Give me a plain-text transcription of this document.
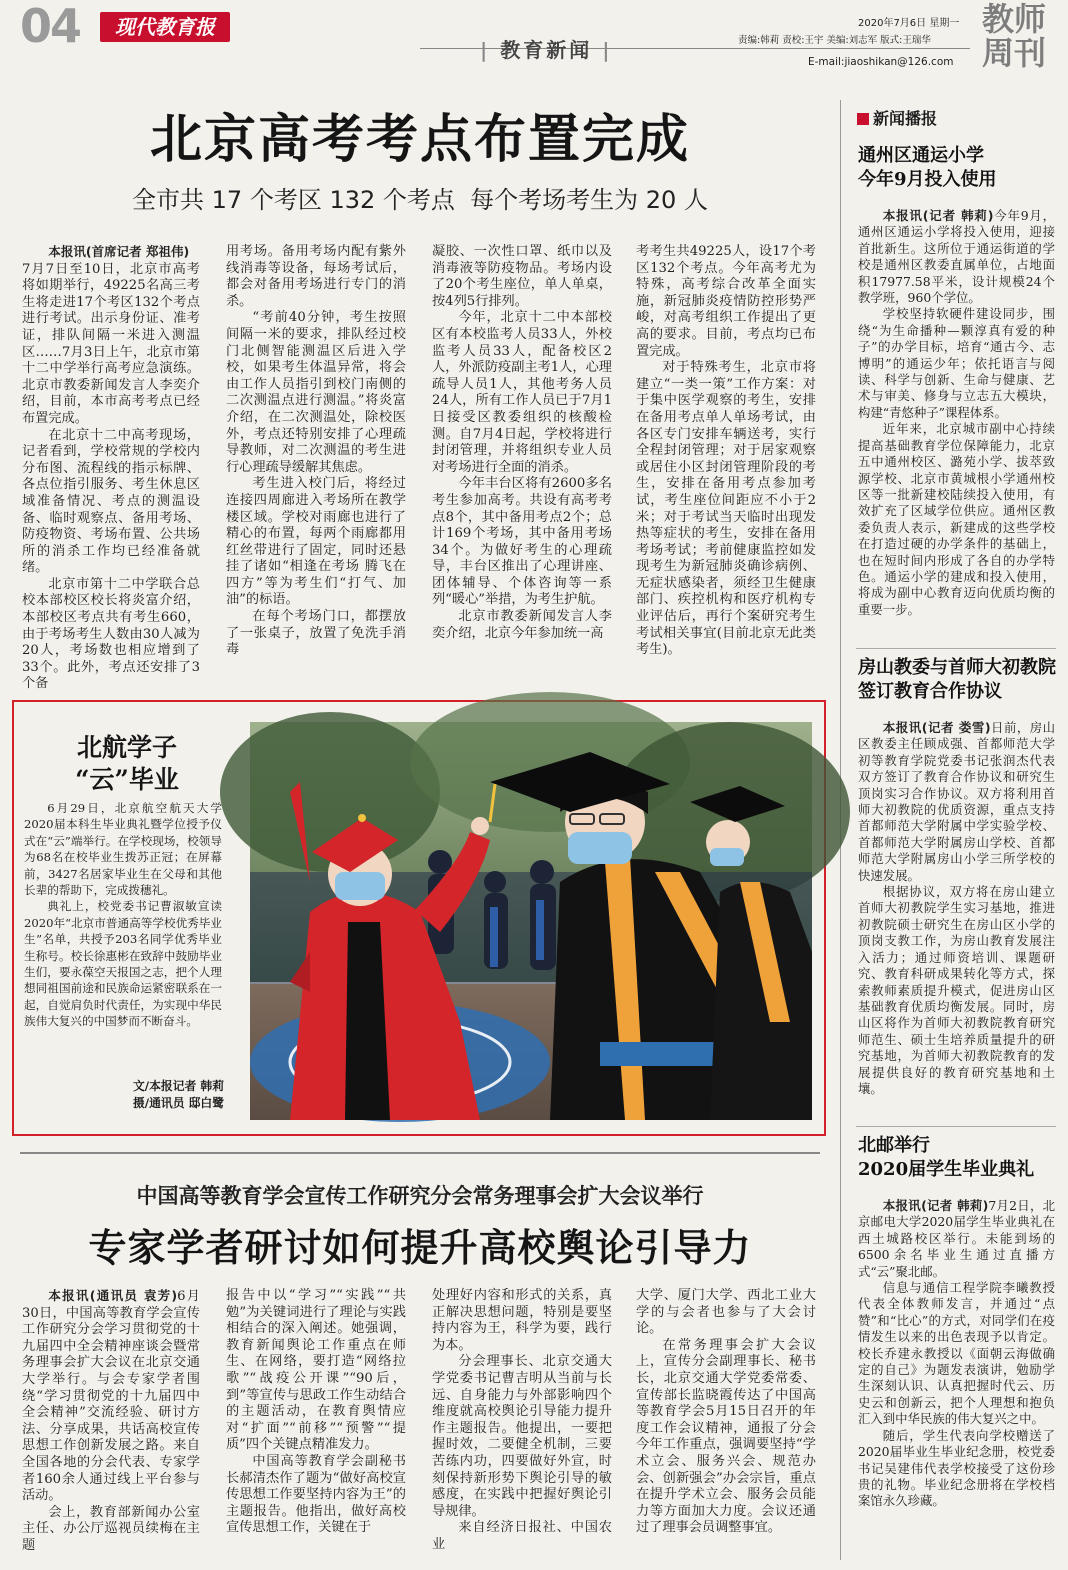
04	现代教育报
| 教育新闻 |
2020年7月6日 星期一
责编:韩莉 责校:王宇 美编:刘志军 版式:王瑞华
E-mail:jiaoshikan@126.com
教师
周刊
新闻播报
通州区通运小学
今年9月投入使用

本报讯(记者 韩莉)今年9月，通州区通运小学将投入使用，迎接首批新生。这所位于通运街道的学校是通州区教委直属单位，占地面积17977.58平米，设计规模24个教学班，960个学位。

学校坚持软硬件建设同步，围绕“为生命播种—颗淳真有爱的种子”的办学目标，培育“通古今、志博明”的通运少年；依托语言与阅读、科学与创新、生命与健康、艺术与审美、修身与立志五大模块，构建“青悠种子”课程体系。

近年来，北京城市副中心持续提高基础教育学位保障能力，北京五中通州校区、潞苑小学、拔萃致源学校、北京市黄城根小学通州校区等一批新建校陆续投入使用，有效扩充了区域学位供应。通州区教委负责人表示，新建成的这些学校在打造过硬的办学条件的基础上，也在短时间内形成了各自的办学特色。通运小学的建成和投入使用，将成为副中心教育迈向优质均衡的重要一步。

房山教委与首师大初教院
签订教育合作协议

本报讯(记者 娄雪)日前，房山区教委主任顾成强、首都师范大学初等教育学院党委书记张润杰代表双方签订了教育合作协议和研究生顶岗实习合作协议。双方将利用首师大初教院的优质资源，重点支持首都师范大学附属中学实验学校、首都师范大学附属房山学校、首都师范大学附属房山小学三所学校的快速发展。

根据协议，双方将在房山建立首师大初教院学生实习基地，推进初教院硕士研究生在房山区小学的顶岗支教工作，为房山教育发展注入活力；通过师资培训、课题研究、教育科研成果转化等方式，探索教师素质提升模式，促进房山区基础教育优质均衡发展。同时，房山区将作为首师大初教院教育研究师范生、硕士生培养质量提升的研究基地，为首师大初教院教育的发展提供良好的教育研究基地和土壤。

北邮举行
2020届学生毕业典礼

本报讯(记者 韩莉)7月2日，北京邮电大学2020届学生毕业典礼在西土城路校区举行。未能到场的6500余名毕业生通过直播方式“云”聚北邮。

信息与通信工程学院李曦教授代表全体教师发言，并通过“点赞”和“比心”的方式，对同学们在疫情发生以来的出色表现予以肯定。校长乔建永教授以《面朝云海做确定的自己》为题发表演讲，勉励学生深刻认识、认真把握时代云、历史云和创新云，把个人理想和抱负汇入到中华民族的伟大复兴之中。

随后，学生代表向学校赠送了2020届毕业生毕业纪念册，校党委书记吴建伟代表学校接受了这份珍贵的礼物。毕业纪念册将在学校档案馆永久珍藏。

北京高考考点布置完成
全市共 17 个考区 132 个考点  每个考场考生为 20 人

本报讯(首席记者 郑祖伟)

7月7日至10日，北京市高考将如期举行，49225名高三考生将走进17个考区132个考点进行考试。出示身份证、准考证，排队间隔一米进入测温区……7月3日上午，北京市第十二中学举行高考应急演练。北京市教委新闻发言人李奕介绍，目前，本市高考考点已经布置完成。

在北京十二中高考现场，记者看到，学校常规的学校内分布图、流程线的指示标牌、各点位指引服务、考生休息区域准备情况、考点的测温设备、临时观察点、备用考场、防疫物资、考场布置、公共场所的消杀工作均已经准备就绪。

北京市第十二中学联合总校本部校区校长将炎富介绍，本部校区考点共有考生660，由于考场考生人数由30人减为20人，考场数也相应增到了33个。此外，考点还安排了3个备

用考场。备用考场内配有紫外线消毒等设备，每场考试后，都会对备用考场进行专门的消杀。

“考前40分钟，考生按照间隔一米的要求，排队经过校门北侧智能测温区后进入学校，如果考生体温异常，将会由工作人员指引到校门南侧的二次测温点进行测温。”将炎富介绍，在二次测温处，除校医外，考点还特别安排了心理疏导教师，对二次测温的考生进行心理疏导缓解其焦虑。

考生进入校门后，将经过连接四周廊进入考场所在教学楼区域。学校对雨廊也进行了精心的布置，每两个雨廊都用红丝带进行了固定，同时还悬挂了诸如“相逢在考场 腾飞在四方”等为考生们“打气、加油”的标语。

在每个考场门口，都摆放了一张桌子，放置了免洗手消毒

凝胶、一次性口罩、纸巾以及消毒液等防疫物品。考场内设了20个考生座位，单人单桌，按4列5行排列。

今年，北京十二中本部校区有本校监考人员33人，外校监考人员33人，配备校区2人，外派防疫副主考1人，心理疏导人员1人，其他考务人员24人，所有工作人员已于7月1日接受区教委组织的核酸检测。自7月4日起，学校将进行封闭管理，并将组织专业人员对考场进行全面的消杀。

今年丰台区将有2600多名考生参加高考。共设有高考考点8个，其中备用考点2个；总计169个考场，其中备用考场34个。为做好考生的心理疏导，丰台区推出了心理讲座、团体辅导、个体咨询等一系列“暖心”举措，为考生护航。

北京市教委新闻发言人李奕介绍，北京今年参加统一高

考考生共49225人，设17个考区132个考点。今年高考尤为特殊，高考综合改革全面实施，新冠肺炎疫情防控形势严峻，对高考组织工作提出了更高的要求。目前，考点均已布置完成。

对于特殊考生，北京市将建立“一类一策”工作方案：对于集中医学观察的考生，安排在备用考点单人单场考试，由各区专门安排车辆送考，实行全程封闭管理；对于居家观察或居住小区封闭管理阶段的考生，安排在备用考点参加考试，考生座位间距应不小于2米；对于考试当天临时出现发热等症状的考生，安排在备用考场考试；考前健康监控如发现考生为新冠肺炎确诊病例、无症状感染者，须经卫生健康部门、疾控机构和医疗机构专业评估后，再行个案研究考生考试相关事宜(目前北京无此类考生)。

北航学子
“云”毕业

6月29日，北京航空航天大学2020届本科生毕业典礼暨学位授予仪式在“云”端举行。在学校现场，校领导为68名在校毕业生拨苏正冠；在屏幕前，3427名居家毕业生在父母和其他长辈的帮助下，完成拨穗礼。

典礼上，校党委书记曹淑敏宣读2020年“北京市普通高等学校优秀毕业生”名单，共授予203名同学优秀毕业生称号。校长徐惠彬在致辞中鼓励毕业生们，要永葆空天报国之志，把个人理想同祖国前途和民族命运紧密联系在一起，自觉肩负时代责任，为实现中华民族伟大复兴的中国梦而不断奋斗。

文/本报记者 韩莉
摄/通讯员 邸白鹭
中国高等教育学会宣传工作研究分会常务理事会扩大会议举行
专家学者研讨如何提升高校舆论引导力

本报讯(通讯员 袁芳)6月30日，中国高等教育学会宣传工作研究分会学习贯彻党的十九届四中全会精神座谈会暨常务理事会扩大会议在北京交通大学举行。与会专家学者围绕“学习贯彻党的十九届四中全会精神”交流经验、研讨方法、分享成果，共话高校宣传思想工作创新发展之路。来自全国各地的分会代表、专家学者160余人通过线上平台参与活动。

会上，教育部新闻办公室主任、办公厅巡视员续梅在主题

报告中以“学习”“实践”“共勉”为关键词进行了理论与实践相结合的深入阐述。她强调，教育新闻舆论工作重点在师生、在网络，要打造“网络拉歌”“战疫公开课”“90后，到”等宣传与思政工作生动结合的主题活动，在教育舆情应对“扩面”“前移”“预警”“提质”四个关键点精准发力。

中国高等教育学会副秘书长郝清杰作了题为“做好高校宣传思想工作要坚持内容为王”的主题报告。他指出，做好高校宣传思想工作，关键在于

处理好内容和形式的关系，真正解决思想问题，特别是要坚持内容为王，科学为要，践行为本。

分会理事长、北京交通大学党委书记曹吉明从当前与长远、自身能力与外部影响四个维度就高校舆论引导能力提升作主题报告。他提出，一要把握时效，二要健全机制，三要苦练内功，四要做好外宣，时刻保持新形势下舆论引导的敏感度，在实践中把握好舆论引导规律。

来自经济日报社、中国农业

大学、厦门大学、西北工业大学的与会者也参与了大会讨论。

在常务理事会扩大会议上，宣传分会副理事长、秘书长，北京交通大学党委常委、宣传部长监晓霞传达了中国高等教育学会5月15日召开的年度工作会议精神，通报了分会今年工作重点，强调要坚持“学术立会、服务兴会、规范办会、创新强会”办会宗旨，重点在提升学术立会、服务会员能力等方面加大力度。会议还通过了理事会员调整事宜。
